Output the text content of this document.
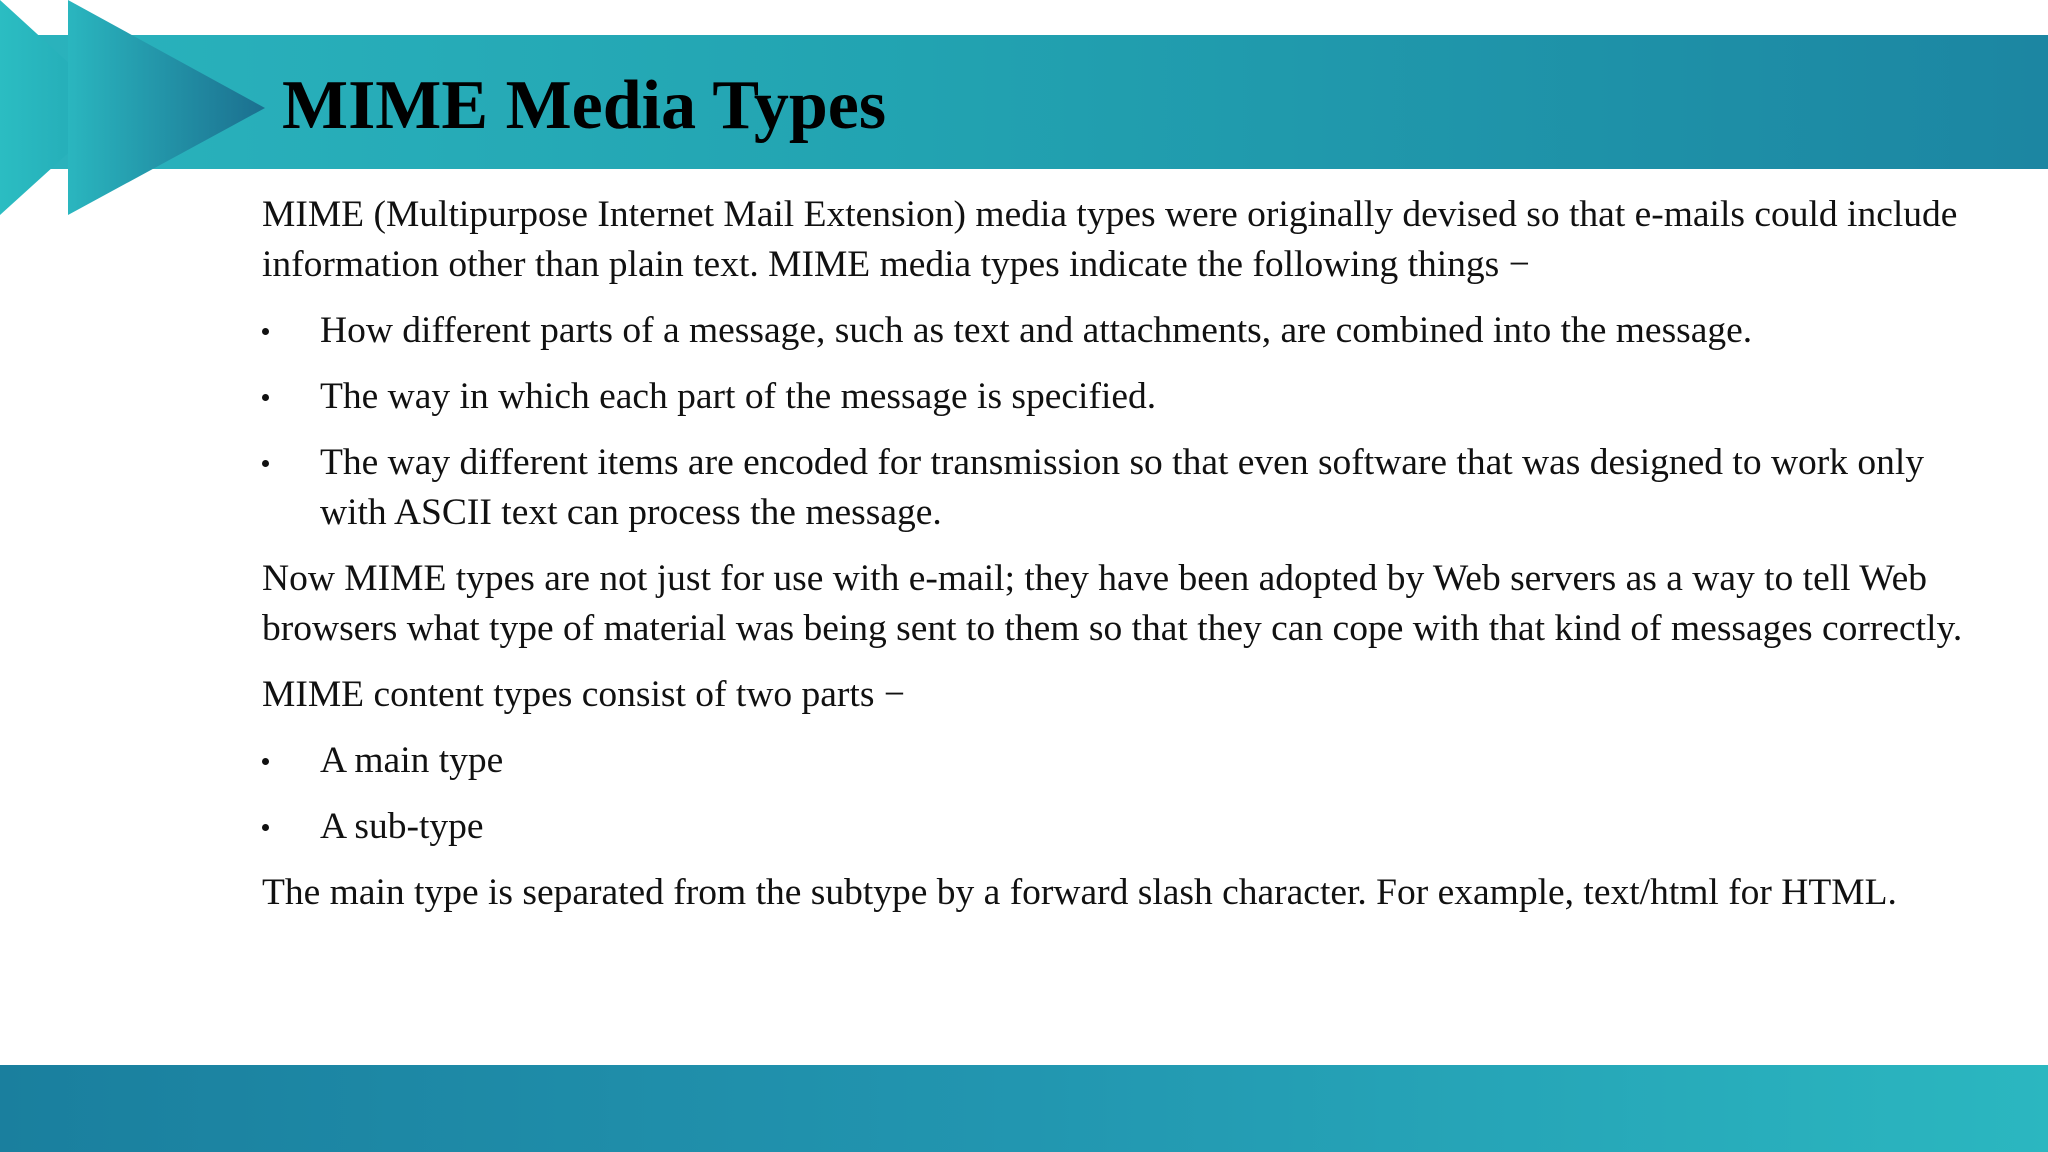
MIME Media Types

MIME (Multipurpose Internet Mail Extension) media types were originally devised so that e-mails could include information other than plain text. MIME media types indicate the following things −

How different parts of a message, such as text and attachments, are combined into the message.
The way in which each part of the message is specified.
The way different items are encoded for transmission so that even software that was designed to work only with ASCII text can process the message.

Now MIME types are not just for use with e-mail; they have been adopted by Web servers as a way to tell Web browsers what type of material was being sent to them so that they can cope with that kind of messages correctly.

MIME content types consist of two parts −

A main type
A sub-type

The main type is separated from the subtype by a forward slash character. For example, text/html for HTML.
